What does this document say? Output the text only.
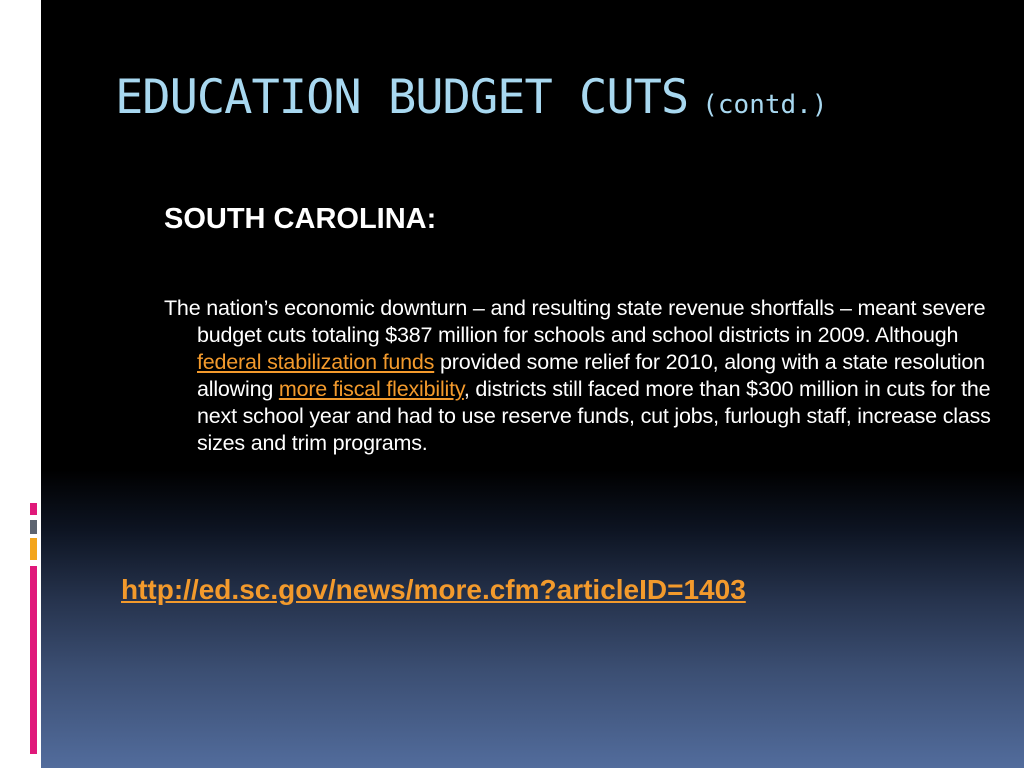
EDUCATION BUDGET CUTS (contd.)
SOUTH CAROLINA:

The nation’s economic downturn – and resulting state revenue shortfalls – meant severe budget cuts totaling $387 million for schools and school districts in 2009. Although federal stabilization funds provided some relief for 2010, along with a state resolution allowing more fiscal flexibility, districts still faced more than $300 million in cuts for the next school year and had to use reserve funds, cut jobs, furlough staff, increase class sizes and trim programs.

http://ed.sc.gov/news/more.cfm?articleID=1403
